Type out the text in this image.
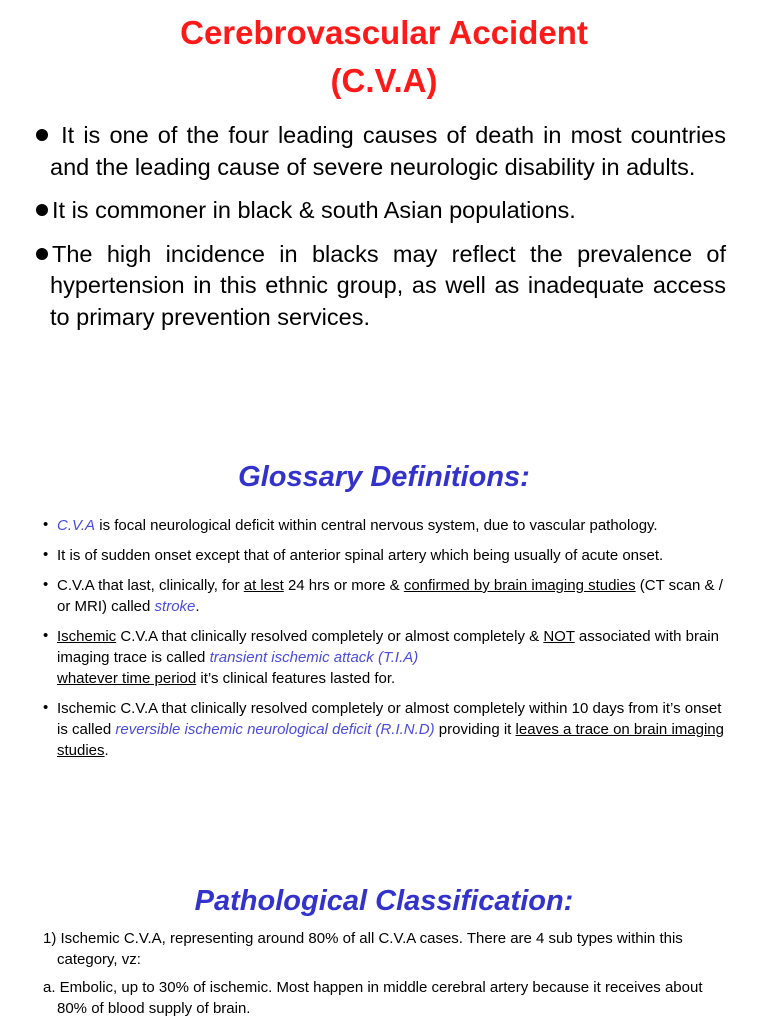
Cerebrovascular Accident
(C.V.A)
It is one of the four leading causes of death in most countries and the leading cause of severe neurologic disability in adults.
It is commoner in black & south Asian populations.
The high incidence in blacks may reflect the prevalence of hypertension in this ethnic group, as well as inadequate access to primary prevention services.
Glossary Definitions:
• C.V.A is focal neurological deficit within central nervous system, due to vascular pathology.
• It is of sudden onset except that of anterior spinal artery which being usually of acute onset.
• C.V.A that last, clinically, for at lest 24 hrs or more & confirmed by brain imaging studies (CT scan & / or MRI) called stroke.
• Ischemic C.V.A that clinically resolved completely or almost completely & NOT associated with brain imaging trace is called transient ischemic attack (T.I.A)
whatever time period it’s clinical features lasted for.
• Ischemic C.V.A that clinically resolved completely or almost completely within 10 days from it’s onset is called reversible ischemic neurological deficit (R.I.N.D) providing it leaves a trace on brain imaging studies.
Pathological Classification:
1) Ischemic C.V.A, representing around 80% of all C.V.A cases. There are 4 sub types within this category, vz:
a. Embolic, up to 30% of ischemic. Most happen in middle cerebral artery because it receives about 80% of blood supply of brain.
